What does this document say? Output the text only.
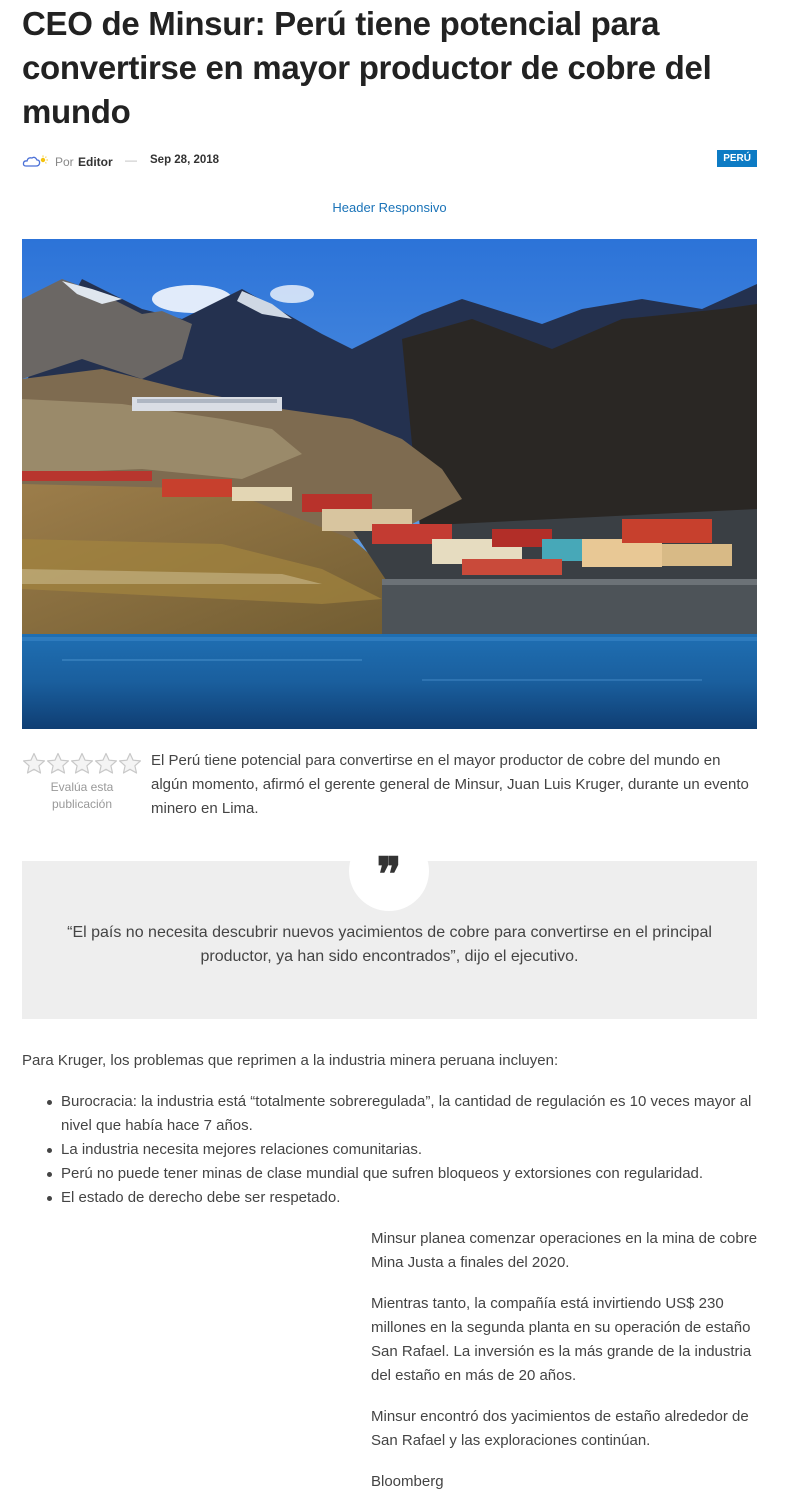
CEO de Minsur: Perú tiene potencial para convertirse en mayor productor de cobre del mundo
Por Editor — Sep 28, 2018	PERÚ
Header Responsivo
Evalúa esta publicación

El Perú tiene potencial para convertirse en el mayor productor de cobre del mundo en algún momento, afirmó el gerente general de Minsur, Juan Luis Kruger, durante un evento minero en Lima.

❞

“El país no necesita descubrir nuevos yacimientos de cobre para convertirse en el principal productor, ya han sido encontrados”, dijo el ejecutivo.

Para Kruger, los problemas que reprimen a la industria minera peruana incluyen:

Burocracia: la industria está “totalmente sobreregulada”, la cantidad de regulación es 10 veces mayor al nivel que había hace 7 años.
La industria necesita mejores relaciones comunitarias.
Perú no puede tener minas de clase mundial que sufren bloqueos y extorsiones con regularidad.
El estado de derecho debe ser respetado.

Minsur planea comenzar operaciones en la mina de cobre Mina Justa a finales del 2020.

Mientras tanto, la compañía está invirtiendo US$ 230 millones en la segunda planta en su operación de estaño San Rafael. La inversión es la más grande de la industria del estaño en más de 20 años.

Minsur encontró dos yacimientos de estaño alrededor de San Rafael y las exploraciones continúan.

Bloomberg
